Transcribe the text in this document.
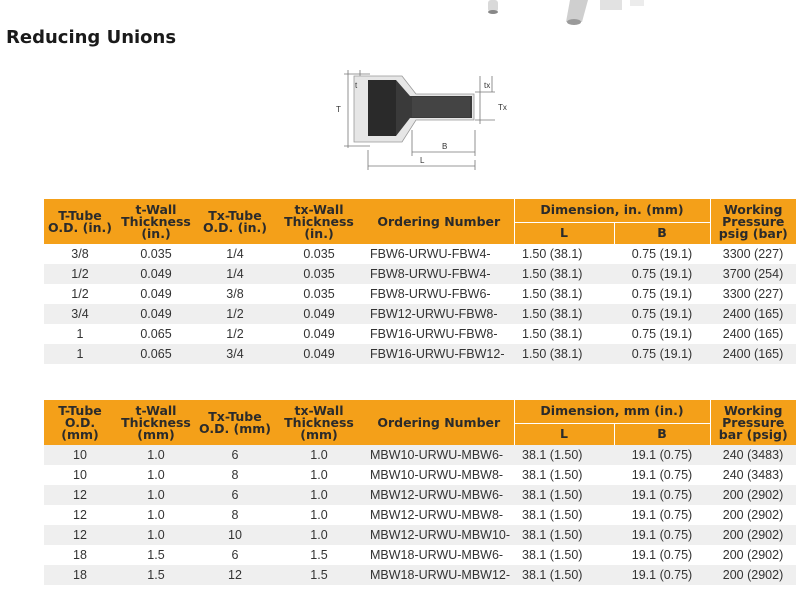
Reducing Unions
T
t	tx
Tx
B
L
T-Tube O.D. (in.)	t-Wall Thickness (in.)	Tx-Tube O.D. (in.)	tx-Wall Thickness (in.)	Ordering Number	Dimension, in. (mm)		Working Pressure psig (bar)
					L	B	
3/8	0.035	1/4	0.035	FBW6-URWU-FBW4-	1.50 (38.1)	0.75 (19.1)	3300 (227)
1/2	0.049	1/4	0.035	FBW8-URWU-FBW4-	1.50 (38.1)	0.75 (19.1)	3700 (254)
1/2	0.049	3/8	0.035	FBW8-URWU-FBW6-	1.50 (38.1)	0.75 (19.1)	3300 (227)
3/4	0.049	1/2	0.049	FBW12-URWU-FBW8-	1.50 (38.1)	0.75 (19.1)	2400 (165)
1	0.065	1/2	0.049	FBW16-URWU-FBW8-	1.50 (38.1)	0.75 (19.1)	2400 (165)
1	0.065	3/4	0.049	FBW16-URWU-FBW12-	1.50 (38.1)	0.75 (19.1)	2400 (165)
T-Tube O.D. (mm)	t-Wall Thickness (mm)	Tx-Tube O.D. (mm)	tx-Wall Thickness (mm)	Ordering Number	Dimension, mm (in.)		Working Pressure bar (psig)
					L	B	
10	1.0	6	1.0	MBW10-URWU-MBW6-	38.1 (1.50)	19.1 (0.75)	240 (3483)
10	1.0	8	1.0	MBW10-URWU-MBW8-	38.1 (1.50)	19.1 (0.75)	240 (3483)
12	1.0	6	1.0	MBW12-URWU-MBW6-	38.1 (1.50)	19.1 (0.75)	200 (2902)
12	1.0	8	1.0	MBW12-URWU-MBW8-	38.1 (1.50)	19.1 (0.75)	200 (2902)
12	1.0	10	1.0	MBW12-URWU-MBW10-	38.1 (1.50)	19.1 (0.75)	200 (2902)
18	1.5	6	1.5	MBW18-URWU-MBW6-	38.1 (1.50)	19.1 (0.75)	200 (2902)
18	1.5	12	1.5	MBW18-URWU-MBW12-	38.1 (1.50)	19.1 (0.75)	200 (2902)
